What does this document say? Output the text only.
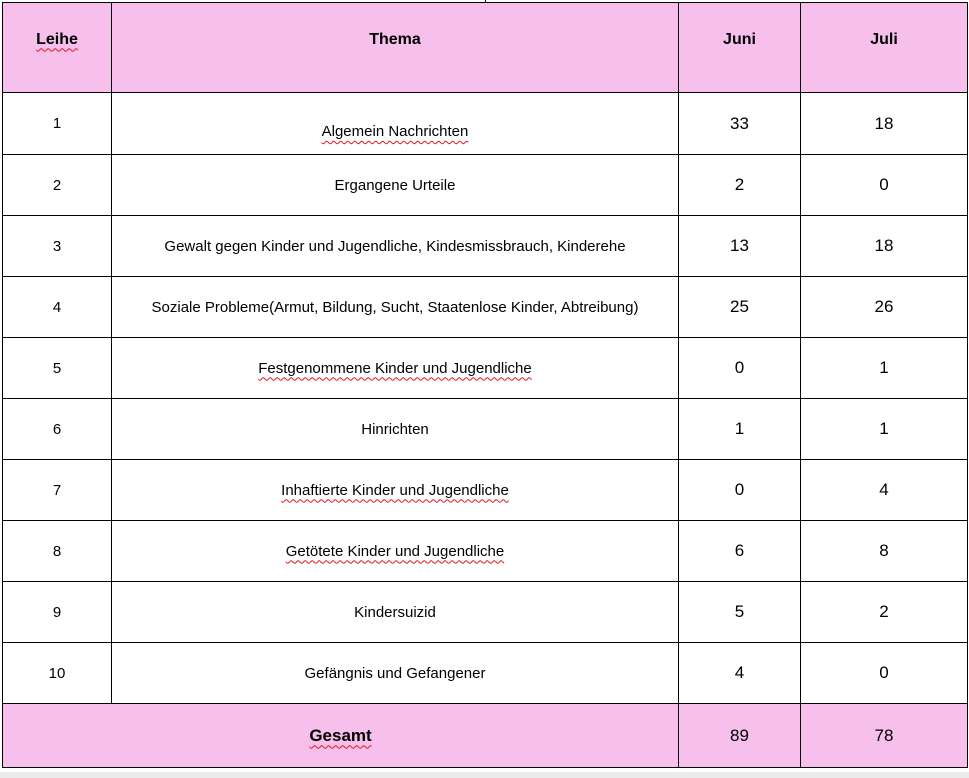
Leihe	Thema	Juni	Juli
1	Algemein Nachrichten	33	18
2	Ergangene Urteile	2	0
3	Gewalt gegen Kinder und Jugendliche, Kindesmissbrauch, Kinderehe	13	18
4	Soziale Probleme(Armut, Bildung, Sucht, Staatenlose Kinder, Abtreibung)	25	26
5	Festgenommene Kinder und Jugendliche	0	1
6	Hinrichten	1	1
7	Inhaftierte Kinder und Jugendliche	0	4
8	Getötete Kinder und Jugendliche	6	8
9	Kindersuizid	5	2
10	Gefängnis und Gefangener	4	0
Gesamt		89	78
